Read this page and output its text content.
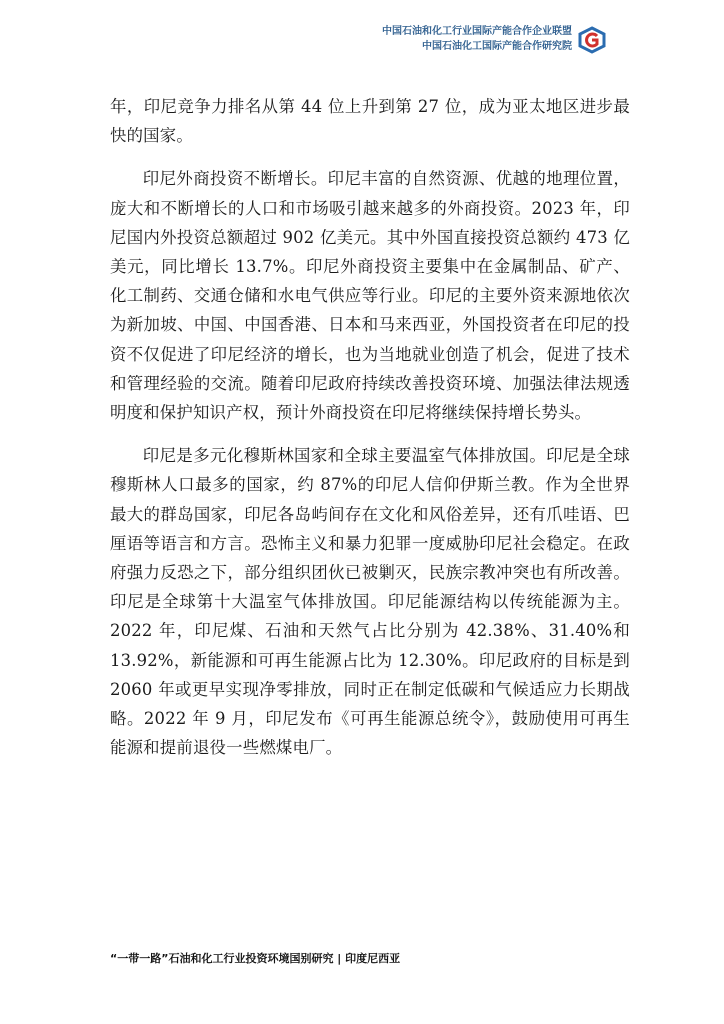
中国石油和化工行业国际产能合作企业联盟
中国石油化工国际产能合作研究院

年，印尼竞争力排名从第 44 位上升到第 27 位，成为亚太地区进步最快的国家。

印尼外商投资不断增长。印尼丰富的自然资源、优越的地理位置，庞大和不断增长的人口和市场吸引越来越多的外商投资。2023 年，印尼国内外投资总额超过 902 亿美元。其中外国直接投资总额约 473 亿美元，同比增长 13.7%。印尼外商投资主要集中在金属制品、矿产、化工制药、交通仓储和水电气供应等行业。印尼的主要外资来源地依次为新加坡、中国、中国香港、日本和马来西亚，外国投资者在印尼的投资不仅促进了印尼经济的增长，也为当地就业创造了机会，促进了技术和管理经验的交流。随着印尼政府持续改善投资环境、加强法律法规透明度和保护知识产权，预计外商投资在印尼将继续保持增长势头。

印尼是多元化穆斯林国家和全球主要温室气体排放国。印尼是全球穆斯林人口最多的国家，约 87%的印尼人信仰伊斯兰教。作为全世界最大的群岛国家，印尼各岛屿间存在文化和风俗差异，还有爪哇语、巴厘语等语言和方言。恐怖主义和暴力犯罪一度威胁印尼社会稳定。在政府强力反恐之下，部分组织团伙已被剿灭，民族宗教冲突也有所改善。印尼是全球第十大温室气体排放国。印尼能源结构以传统能源为主。2022 年，印尼煤、石油和天然气占比分别为 42.38%、31.40%和 13.92%，新能源和可再生能源占比为 12.30%。印尼政府的目标是到 2060 年或更早实现净零排放，同时正在制定低碳和气候适应力长期战略。2022 年 9 月，印尼发布《可再生能源总统令》，鼓励使用可再生能源和提前退役一些燃煤电厂。

“一带一路”石油和化工行业投资环境国别研究 | 印度尼西亚
